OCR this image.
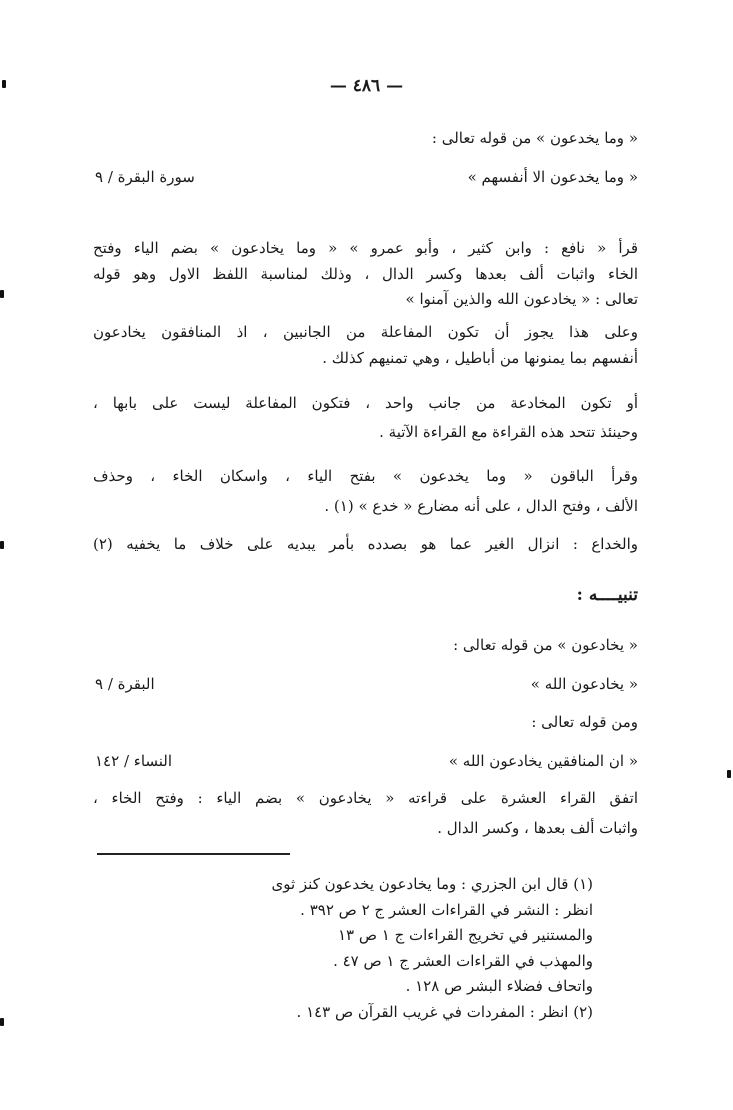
— ٤٨٦ —
« وما يخدعون » من قوله تعالى :
« وما يخدعون الا أنفسهم »
سورة البقرة / ٩
قرأ « نافع : وابن كثير ، وأبو عمرو » « وما يخادعون » بضم الياء وفتح
الخاء واثبات ألف بعدها وكسر الدال ، وذلك لمناسبة اللفظ الاول وهو قوله
تعالى : « يخادعون الله والذين آمنوا »
وعلى هذا يجوز أن تكون المفاعلة من الجانبين ، اذ المنافقون يخادعون
أنفسهم بما يمنونها من أباطيل ، وهي تمنيهم كذلك .
أو تكون المخادعة من جانب واحد ، فتكون المفاعلة ليست على بابها ،
وحينئذ تتحد هذه القراءة مع القراءة الآتية .
وقرأ الباقون « وما يخدعون » بفتح الياء ، واسكان الخاء ، وحذف
الألف ، وفتح الدال ، على أنه مضارع « خدع » (١) .
والخداع : انزال الغير عما هو بصدده بأمر يبديه على خلاف ما يخفيه (٢)
تنبيــــه :
« يخادعون » من قوله تعالى :
« يخادعون الله »
البقرة / ٩
ومن قوله تعالى :
« ان المنافقين يخادعون الله »
النساء / ١٤٢
اتفق القراء العشرة على قراءته « يخادعون » بضم الياء : وفتح الخاء ،
واثبات ألف بعدها ، وكسر الدال .
(١) قال ابن الجزري : وما يخادعون يخدعون كنز ثوى
انظر : النشر في القراءات العشر ج ٢ ص ٣٩٢ .
والمستنير في تخريج القراءات ج ١ ص ١٣
والمهذب في القراءات العشر ج ١ ص ٤٧ .
واتحاف فضلاء البشر ص ١٢٨ .
(٢) انظر : المفردات في غريب القرآن ص ١٤٣ .
